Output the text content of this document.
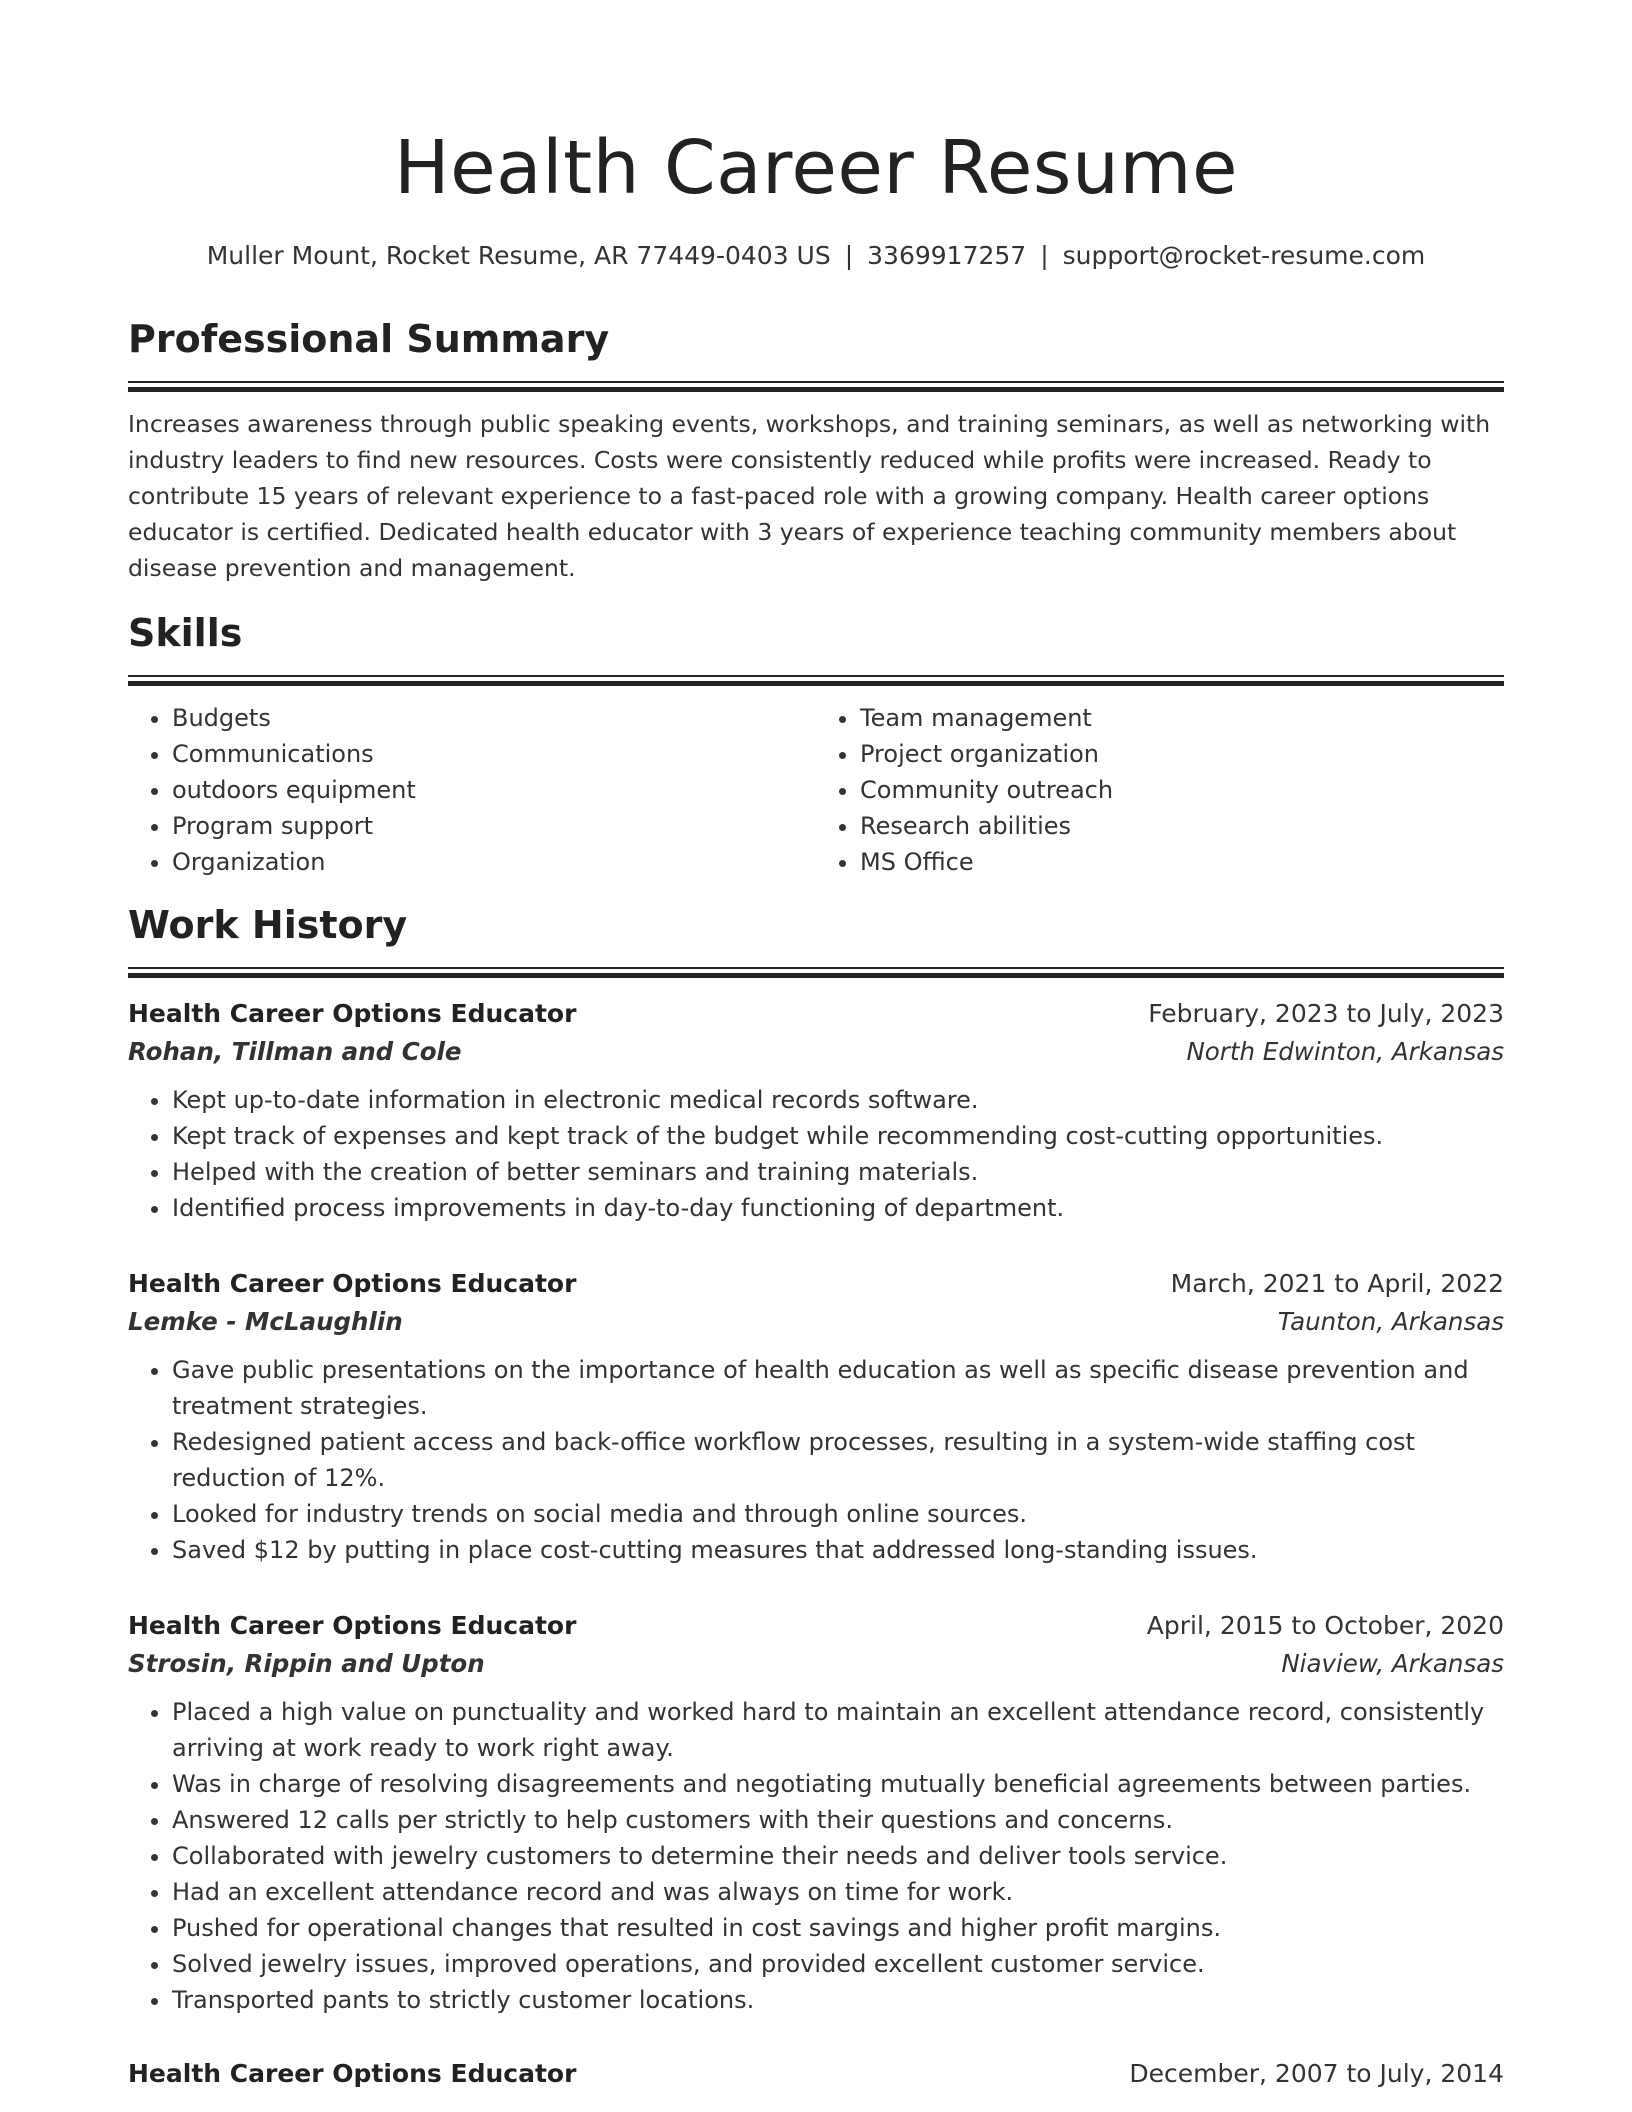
Health Career Resume
Muller Mount, Rocket Resume, AR 77449-0403 US | 3369917257 | support@rocket-resume.com
Professional Summary
Increases awareness through public speaking events, workshops, and training seminars, as well as networking with industry leaders to find new resources. Costs were consistently reduced while profits were increased. Ready to contribute 15 years of relevant experience to a fast-paced role with a growing company. Health career options educator is certified. Dedicated health educator with 3 years of experience teaching community members about disease prevention and management.
Skills
• Budgets
• Communications
• outdoors equipment
• Program support
• Organization
• Team management
• Project organization
• Community outreach
• Research abilities
• MS Office
Work History
Health Career Options Educator	February, 2023 to July, 2023
Rohan, Tillman and Cole	North Edwinton, Arkansas
• Kept up-to-date information in electronic medical records software.
• Kept track of expenses and kept track of the budget while recommending cost-cutting opportunities.
• Helped with the creation of better seminars and training materials.
• Identified process improvements in day-to-day functioning of department.
Health Career Options Educator	March, 2021 to April, 2022
Lemke - McLaughlin	Taunton, Arkansas
• Gave public presentations on the importance of health education as well as specific disease prevention and treatment strategies.
• Redesigned patient access and back-office workflow processes, resulting in a system-wide staffing cost reduction of 12%.
• Looked for industry trends on social media and through online sources.
• Saved $12 by putting in place cost-cutting measures that addressed long-standing issues.
Health Career Options Educator	April, 2015 to October, 2020
Strosin, Rippin and Upton	Niaview, Arkansas
• Placed a high value on punctuality and worked hard to maintain an excellent attendance record, consistently arriving at work ready to work right away.
• Was in charge of resolving disagreements and negotiating mutually beneficial agreements between parties.
• Answered 12 calls per strictly to help customers with their questions and concerns.
• Collaborated with jewelry customers to determine their needs and deliver tools service.
• Had an excellent attendance record and was always on time for work.
• Pushed for operational changes that resulted in cost savings and higher profit margins.
• Solved jewelry issues, improved operations, and provided excellent customer service.
• Transported pants to strictly customer locations.
Health Career Options Educator	December, 2007 to July, 2014
